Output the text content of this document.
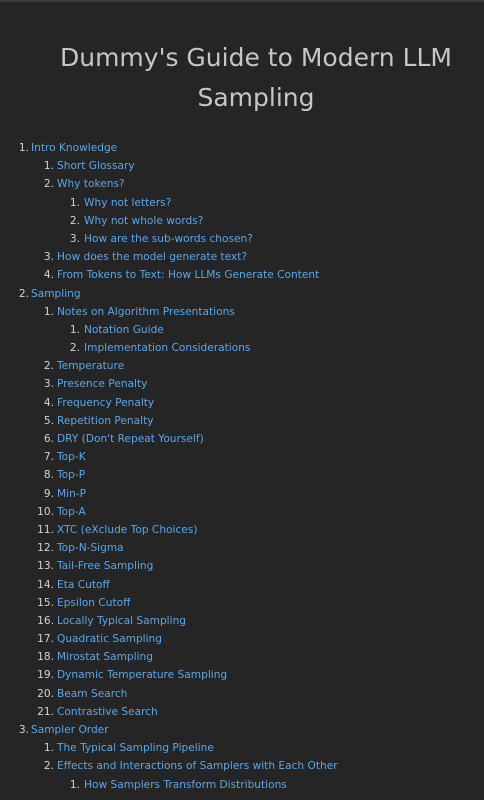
Dummy's Guide to Modern LLM Sampling
1. Intro Knowledge
1. Short Glossary
2. Why tokens?
1. Why not letters?
2. Why not whole words?
3. How are the sub-words chosen?
3. How does the model generate text?
4. From Tokens to Text: How LLMs Generate Content
2. Sampling
1. Notes on Algorithm Presentations
1. Notation Guide
2. Implementation Considerations
2. Temperature
3. Presence Penalty
4. Frequency Penalty
5. Repetition Penalty
6. DRY (Don't Repeat Yourself)
7. Top-K
8. Top-P
9. Min-P
10. Top-A
11. XTC (eXclude Top Choices)
12. Top-N-Sigma
13. Tail-Free Sampling
14. Eta Cutoff
15. Epsilon Cutoff
16. Locally Typical Sampling
17. Quadratic Sampling
18. Mirostat Sampling
19. Dynamic Temperature Sampling
20. Beam Search
21. Contrastive Search
3. Sampler Order
1. The Typical Sampling Pipeline
2. Effects and Interactions of Samplers with Each Other
1. How Samplers Transform Distributions
